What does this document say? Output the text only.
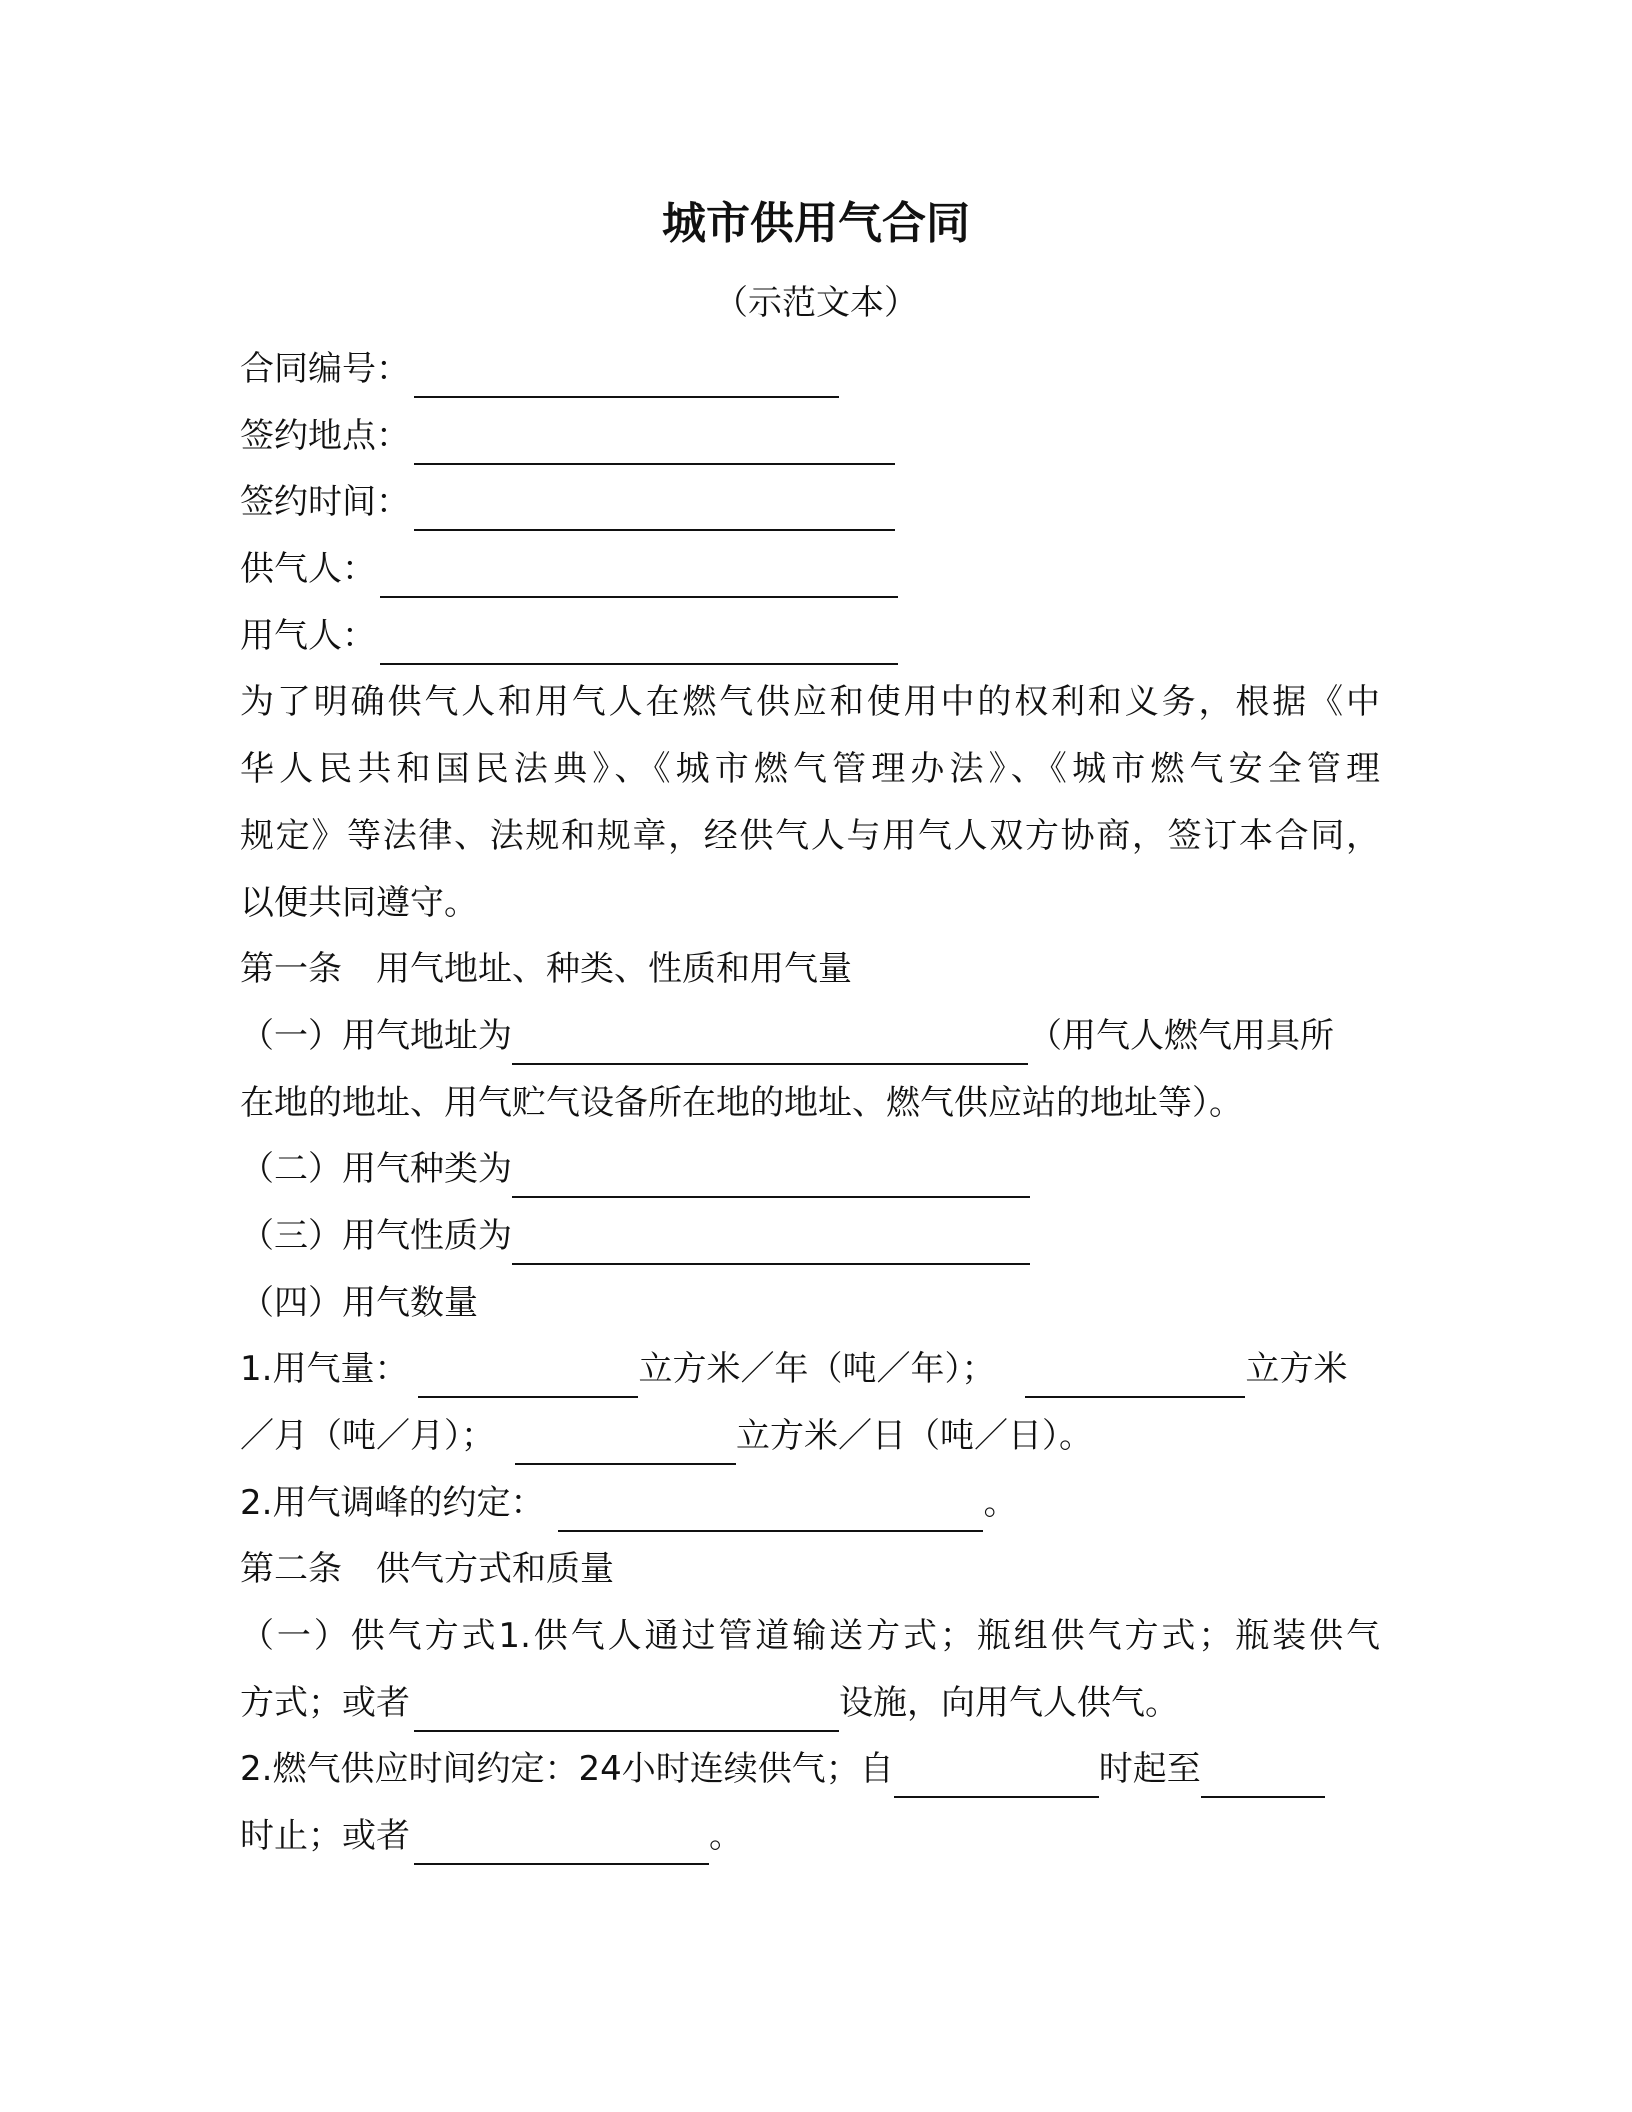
城市供用气合同
（示范文本）
合同编号：
签约地点：
签约时间：
供气人：
用气人：
为了明确供气人和用气人在燃气供应和使用中的权利和义务，根据《中
华人民共和国民法典》、《城市燃气管理办法》、《城市燃气安全管理
规定》等法律、法规和规章，经供气人与用气人双方协商，签订本合同，
以便共同遵守。
第一条　用气地址、种类、性质和用气量
（一）用气地址为	（用气人燃气用具所
在地的地址、用气贮气设备所在地的地址、燃气供应站的地址等）。
（二）用气种类为
（三）用气性质为
（四）用气数量
1.用气量：	立方米／年（吨／年）；	立方米
／月（吨／月）；	立方米／日（吨／日）。
2.用气调峰的约定：	。
第二条　供气方式和质量
（一）供气方式1.供气人通过管道输送方式；瓶组供气方式；瓶装供气
方式；或者	设施，向用气人供气。
2.燃气供应时间约定：24小时连续供气；自	时起至
时止；或者	。
